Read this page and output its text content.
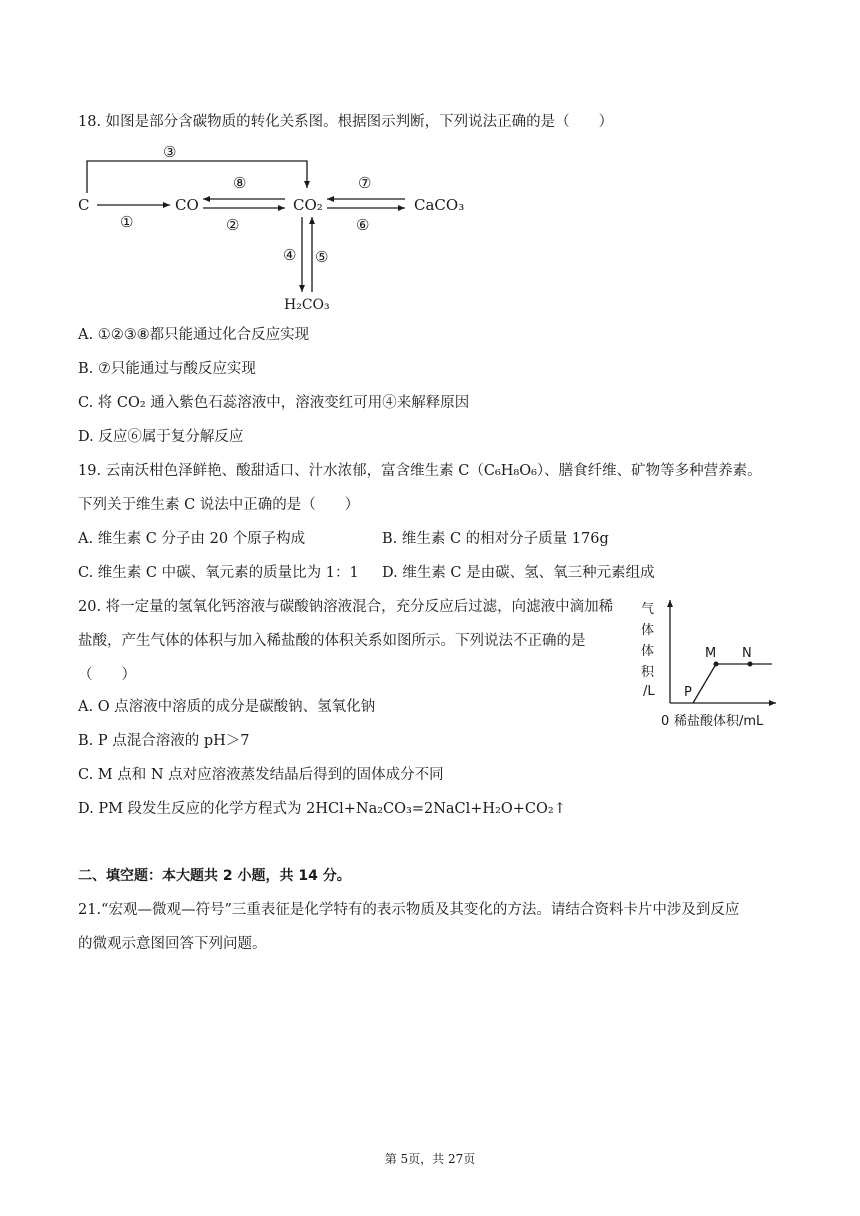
18. 如图是部分含碳物质的转化关系图。根据图示判断，下列说法正确的是（　　）
C	CO	CO₂	CaCO₃
H₂CO₃
③
①
⑧
②
⑦
⑥
④ ⑤
A. ①②③⑧都只能通过化合反应实现
B. ⑦只能通过与酸反应实现
C. 将 CO₂ 通入紫色石蕊溶液中，溶液变红可用④来解释原因
D. 反应⑥属于复分解反应
19. 云南沃柑色泽鲜艳、酸甜适口、汁水浓郁，富含维生素 C（C₆H₈O₆）、膳食纤维、矿物等多种营养素。
下列关于维生素 C 说法中正确的是（　　）
A. 维生素 C 分子由 20 个原子构成	B. 维生素 C 的相对分子质量 176g
C. 维生素 C 中碳、氧元素的质量比为 1：1 D. 维生素 C 是由碳、氢、氧三种元素组成
20. 将一定量的氢氧化钙溶液与碳酸钠溶液混合，充分反应后过滤，向滤液中滴加稀
盐酸，产生气体的体积与加入稀盐酸的体积关系如图所示。下列说法不正确的是
（　　）
气
体
体
积
/L P
M N
0 稀盐酸体积/mL
A. O 点溶液中溶质的成分是碳酸钠、氢氧化钠
B. P 点混合溶液的 pH＞7
C. M 点和 N 点对应溶液蒸发结晶后得到的固体成分不同
D. PM 段发生反应的化学方程式为 2HCl+Na₂CO₃=2NaCl+H₂O+CO₂↑
二、填空题：本大题共 2 小题，共 14 分。
21.“宏观—微观—符号”三重表征是化学特有的表示物质及其变化的方法。请结合资料卡片中涉及到反应
的微观示意图回答下列问题。
第 5页，共 27页
